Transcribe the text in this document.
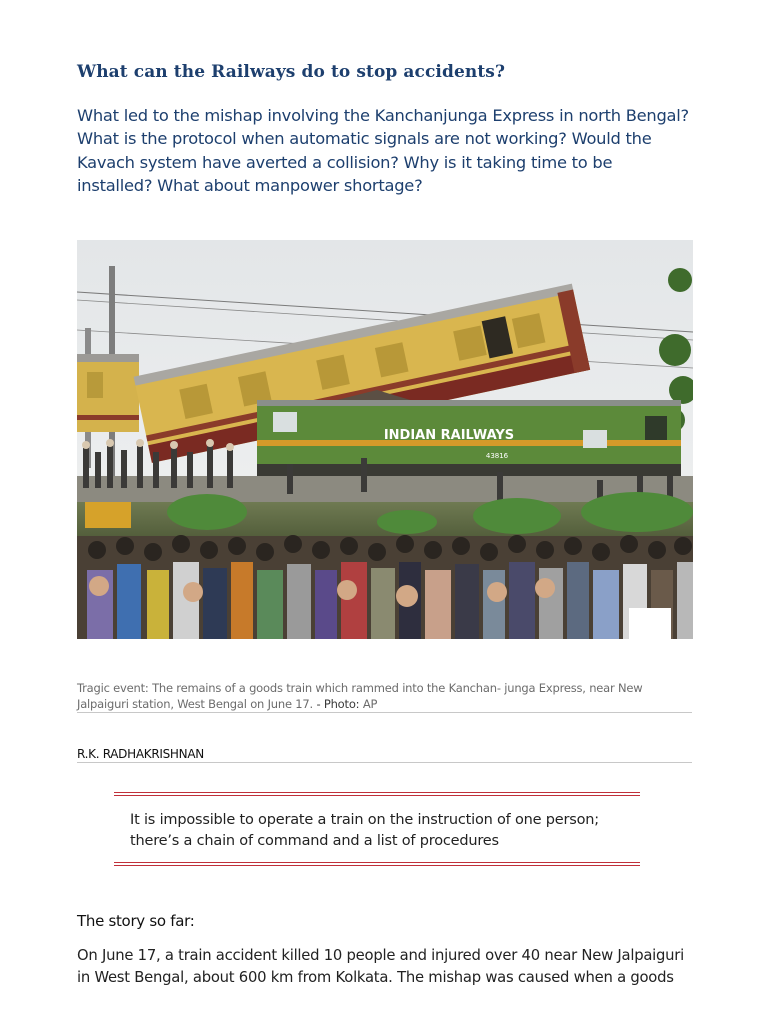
What can the Railways do to stop accidents?
What led to the mishap involving the Kanchanjunga Express in north Bengal? What is the protocol when automatic signals are not working? Would the Kavach system have averted a collision? Why is it taking time to be installed? What about manpower shortage?
INDIAN RAILWAYS
43816
Tragic event: The remains of a goods train which rammed into the Kanchan- junga Express, near New Jalpaiguri station, West Bengal on June 17. - Photo: AP
R.K. RADHAKRISHNAN
It is impossible to operate a train on the instruction of one person; there’s a chain of command and a list of procedures
The story so far:
On June 17, a train accident killed 10 people and injured over 40 near New Jalpaiguri in West Bengal, about 600 km from Kolkata. The mishap was caused when a goods
